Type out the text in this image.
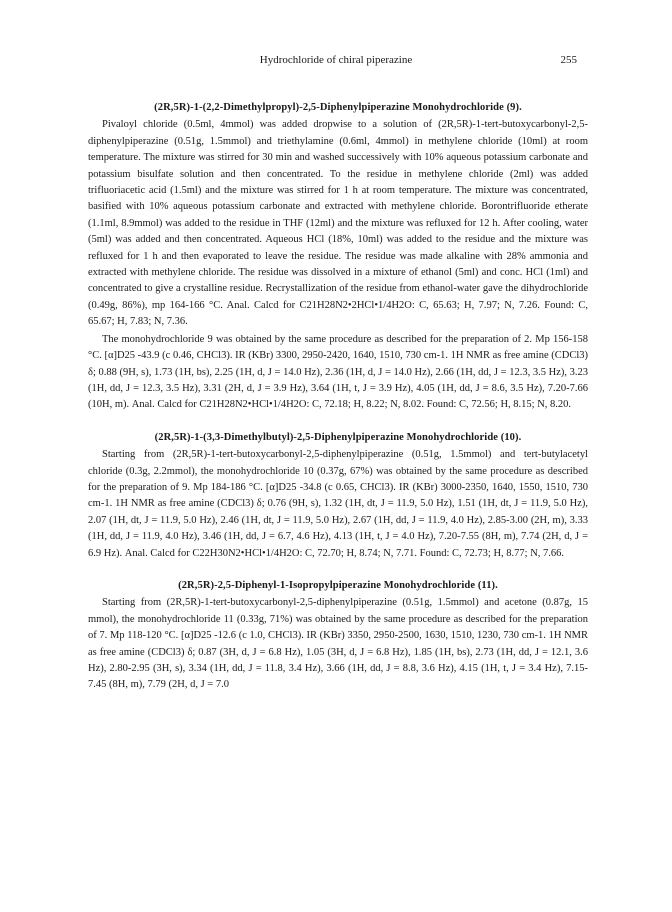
Hydrochloride of chiral piperazine	255
(2R,5R)-1-(2,2-Dimethylpropyl)-2,5-Diphenylpiperazine Monohydrochloride (9).

Pivaloyl chloride (0.5ml, 4mmol) was added dropwise to a solution of (2R,5R)-1-tert-butoxycarbonyl-2,5-diphenylpiperazine (0.51g, 1.5mmol) and triethylamine (0.6ml, 4mmol) in methylene chloride (10ml) at room temperature. The mixture was stirred for 30 min and washed successively with 10% aqueous potassium carbonate and potassium bisulfate solution and then concentrated. To the residue in methylene chloride (2ml) was added trifluoriacetic acid (1.5ml) and the mixture was stirred for 1 h at room temperature. The mixture was concentrated, basified with 10% aqueous potassium carbonate and extracted with methylene chloride. Borontrifluoride etherate (1.1ml, 8.9mmol) was added to the residue in THF (12ml) and the mixture was refluxed for 12 h. After cooling, water (5ml) was added and then concentrated. Aqueous HCl (18%, 10ml) was added to the residue and the mixture was refluxed for 1 h and then evaporated to leave the residue. The residue was made alkaline with 28% ammonia and extracted with methylene chloride. The residue was dissolved in a mixture of ethanol (5ml) and conc. HCl (1ml) and concentrated to give a crystalline residue. Recrystallization of the residue from ethanol-water gave the dihydrochloride (0.49g, 86%), mp 164-166 °C. Anal. Calcd for C21H28N2•2HCl•1/4H2O: C, 65.63; H, 7.97; N, 7.26. Found: C, 65.67; H, 7.83; N, 7.36.

The monohydrochloride 9 was obtained by the same procedure as described for the preparation of 2. Mp 156-158 °C. [α]D25 -43.9 (c 0.46, CHCl3). IR (KBr) 3300, 2950-2420, 1640, 1510, 730 cm-1. 1H NMR as free amine (CDCl3) δ; 0.88 (9H, s), 1.73 (1H, bs), 2.25 (1H, d, J = 14.0 Hz), 2.36 (1H, d, J = 14.0 Hz), 2.66 (1H, dd, J = 12.3, 3.5 Hz), 3.23 (1H, dd, J = 12.3, 3.5 Hz), 3.31 (2H, d, J = 3.9 Hz), 3.64 (1H, t, J = 3.9 Hz), 4.05 (1H, dd, J = 8.6, 3.5 Hz), 7.20-7.66 (10H, m). Anal. Calcd for C21H28N2•HCl•1/4H2O: C, 72.18; H, 8.22; N, 8.02. Found: C, 72.56; H, 8.15; N, 8.20.

(2R,5R)-1-(3,3-Dimethylbutyl)-2,5-Diphenylpiperazine Monohydrochloride (10).

Starting from (2R,5R)-1-tert-butoxycarbonyl-2,5-diphenylpiperazine (0.51g, 1.5mmol) and tert-butylacetyl chloride (0.3g, 2.2mmol), the monohydrochloride 10 (0.37g, 67%) was obtained by the same procedure as described for the preparation of 9. Mp 184-186 °C. [α]D25 -34.8 (c 0.65, CHCl3). IR (KBr) 3000-2350, 1640, 1550, 1510, 730 cm-1. 1H NMR as free amine (CDCl3) δ; 0.76 (9H, s), 1.32 (1H, dt, J = 11.9, 5.0 Hz), 1.51 (1H, dt, J = 11.9, 5.0 Hz), 2.07 (1H, dt, J = 11.9, 5.0 Hz), 2.46 (1H, dt, J = 11.9, 5.0 Hz), 2.67 (1H, dd, J = 11.9, 4.0 Hz), 2.85-3.00 (2H, m), 3.33 (1H, dd, J = 11.9, 4.0 Hz), 3.46 (1H, dd, J = 6.7, 4.6 Hz), 4.13 (1H, t, J = 4.0 Hz), 7.20-7.55 (8H, m), 7.74 (2H, d, J = 6.9 Hz). Anal. Calcd for C22H30N2•HCl•1/4H2O: C, 72.70; H, 8.74; N, 7.71. Found: C, 72.73; H, 8.77; N, 7.66.

(2R,5R)-2,5-Diphenyl-1-Isopropylpiperazine Monohydrochloride (11).

Starting from (2R,5R)-1-tert-butoxycarbonyl-2,5-diphenylpiperazine (0.51g, 1.5mmol) and acetone (0.87g, 15 mmol), the monohydrochloride 11 (0.33g, 71%) was obtained by the same procedure as described for the preparation of 7. Mp 118-120 °C. [α]D25 -12.6 (c 1.0, CHCl3). IR (KBr) 3350, 2950-2500, 1630, 1510, 1230, 730 cm-1. 1H NMR as free amine (CDCl3) δ; 0.87 (3H, d, J = 6.8 Hz), 1.05 (3H, d, J = 6.8 Hz), 1.85 (1H, bs), 2.73 (1H, dd, J = 12.1, 3.6 Hz), 2.80-2.95 (3H, s), 3.34 (1H, dd, J = 11.8, 3.4 Hz), 3.66 (1H, dd, J = 8.8, 3.6 Hz), 4.15 (1H, t, J = 3.4 Hz), 7.15-7.45 (8H, m), 7.79 (2H, d, J = 7.0
